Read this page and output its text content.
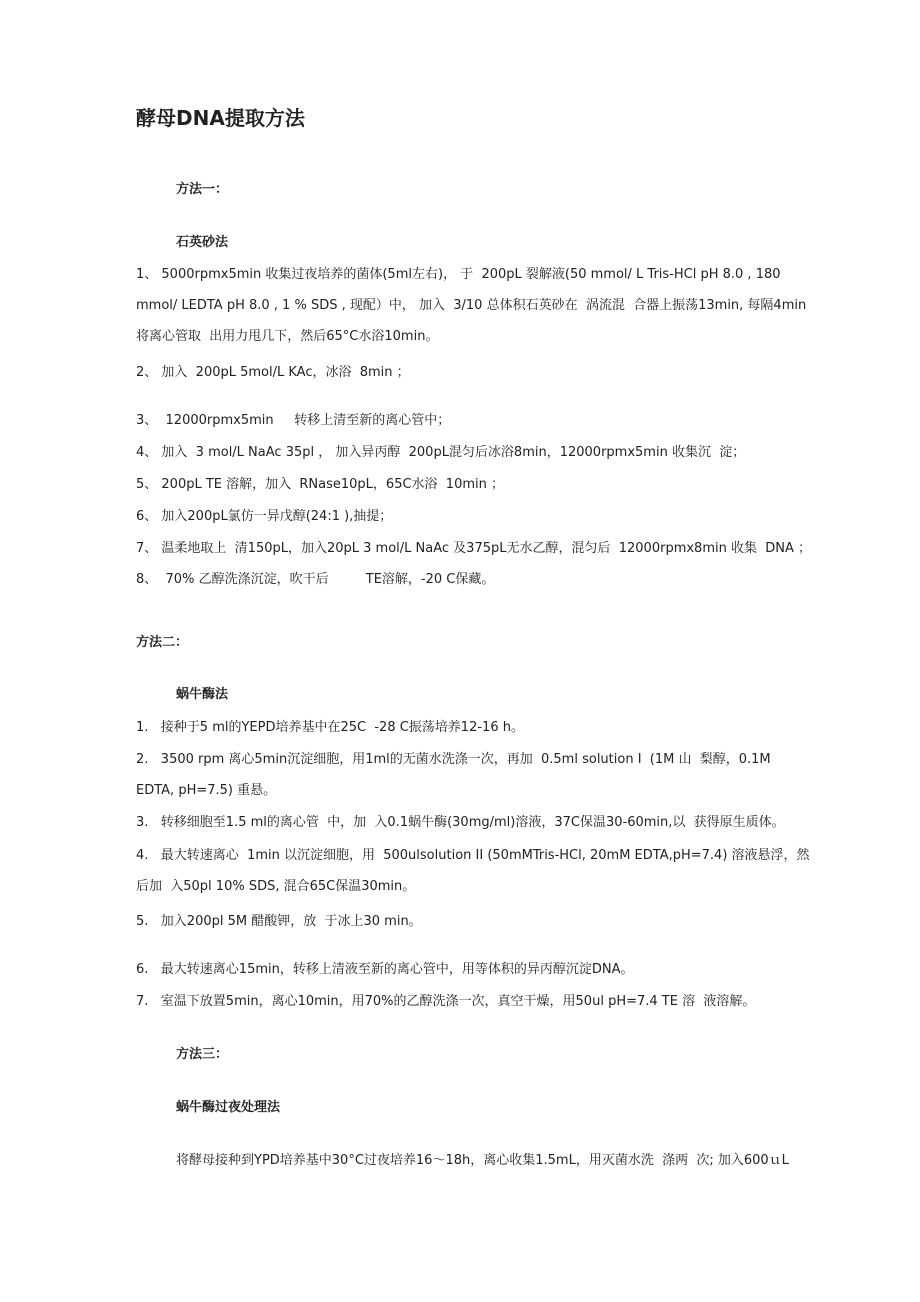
酵母DNA提取方法
方法一：
石英砂法
1、 5000rpmx5min 收集过夜培养的菌体(5ml左右)， 于  200pL 裂解液(50 mmol/ L Tris-HCl pH 8.0 , 180
mmol/ LEDTA pH 8.0 , 1 % SDS , 现配）中， 加入  3/10 总体积石英砂在  涡流混  合器上振荡13min, 每隔4min
将离心管取  出用力甩几下，然后65°C水浴10min。
2、 加入  200pL 5mol/L KAc，冰浴  8min ；
3、  12000rpmx5min     转移上清至新的离心管中；
4、 加入  3 mol/L NaAc 35pl ， 加入异丙醇  200pL混匀后冰浴8min，12000rpmx5min 收集沉  淀；
5、 200pL TE 溶解，加入  RNase10pL，65C水浴  10min ；
6、 加入200pL氯仿一异戊醇(24:1 ),抽提；
7、 温柔地取上  清150pL，加入20pL 3 mol/L NaAc 及375pL无水乙醇，混匀后  12000rpmx8min 收集  DNA ；
8、  70% 乙醇洗涤沉淀，吹干后         TE溶解，-20 C保藏。
方法二：
蜗牛酶法
1.   接种于5 ml的YEPD培养基中在25C  -28 C振荡培养12-16 h。
2.   3500 rpm 离心5min沉淀细胞，用1ml的无菌水洗涤一次，再加  0.5ml solution I  (1M 山  梨醇，0.1M
EDTA, pH=7.5) 重悬。
3.   转移细胞至1.5 ml的离心管  中，加  入0.1蜗牛酶(30mg/ml)溶液，37C保温30-60min,以  获得原生质体。
4.   最大转速离心  1min 以沉淀细胞，用  500ulsolution II (50mMTris-HCl, 20mM EDTA,pH=7.4) 溶液悬浮，然
后加  入50pl 10% SDS, 混合65C保温30min。
5.   加入200pl 5M 醋酸钾，放  于冰上30 min。
6.   最大转速离心15min，转移上清液至新的离心管中，用等体积的异丙醇沉淀DNA。
7.   室温下放置5min，离心10min，用70%的乙醇洗涤一次，真空干燥，用50ul pH=7.4 TE 溶  液溶解。
方法三：
蜗牛酶过夜处理法
将酵母接种到YPD培养基中30°C过夜培养16～18h，离心收集1.5mL，用灭菌水洗  涤两  次; 加入600ｕL
